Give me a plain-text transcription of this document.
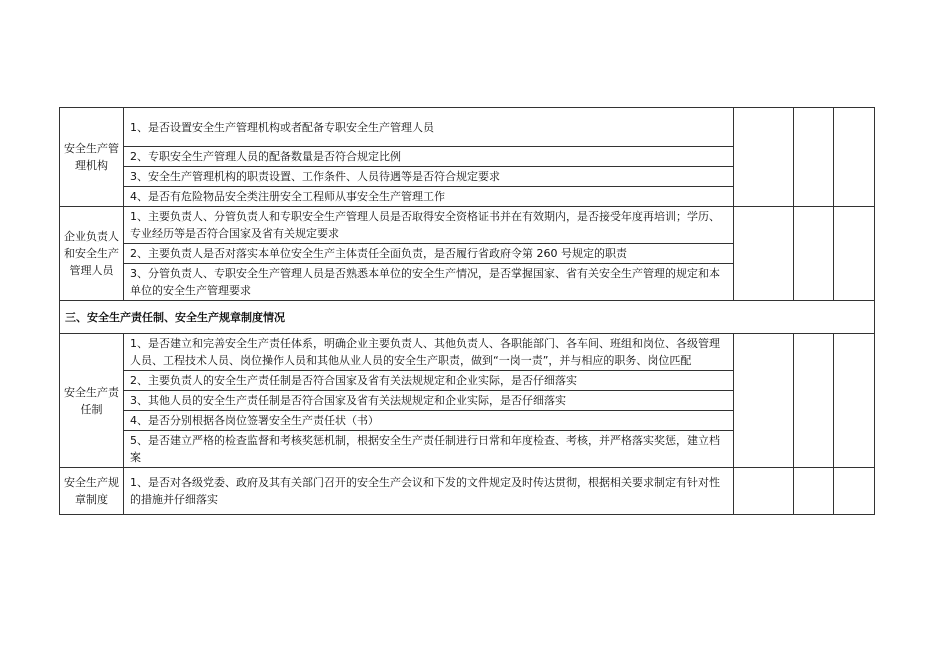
安全生产管理机构	1、是否设置安全生产管理机构或者配备专职安全生产管理人员			
	2、专职安全生产管理人员的配备数量是否符合规定比例			
	3、安全生产管理机构的职责设置、工作条件、人员待遇等是否符合规定要求			
	4、是否有危险物品安全类注册安全工程师从事安全生产管理工作			
企业负责人和安全生产管理人员	1、主要负责人、分管负责人和专职安全生产管理人员是否取得安全资格证书并在有效期内，是否接受年度再培训；学历、专业经历等是否符合国家及省有关规定要求			
	2、主要负责人是否对落实本单位安全生产主体责任全面负责，是否履行省政府令第 260 号规定的职责			
	3、分管负责人、专职安全生产管理人员是否熟悉本单位的安全生产情况，是否掌握国家、省有关安全生产管理的规定和本单位的安全生产管理要求			
三、安全生产责任制、安全生产规章制度情况				
安全生产责任制	1、是否建立和完善安全生产责任体系，明确企业主要负责人、其他负责人、各职能部门、各车间、班组和岗位、各级管理人员、工程技术人员、岗位操作人员和其他从业人员的安全生产职责，做到“一岗一责”，并与相应的职务、岗位匹配			
	2、主要负责人的安全生产责任制是否符合国家及省有关法规规定和企业实际，是否仔细落实			
	3、其他人员的安全生产责任制是否符合国家及省有关法规规定和企业实际，是否仔细落实			
	4、是否分别根据各岗位签署安全生产责任状（书）			
	5、是否建立严格的检查监督和考核奖惩机制，根据安全生产责任制进行日常和年度检查、考核，并严格落实奖惩，建立档案			
安全生产规章制度	1、是否对各级党委、政府及其有关部门召开的安全生产会议和下发的文件规定及时传达贯彻，根据相关要求制定有针对性的措施并仔细落实			
